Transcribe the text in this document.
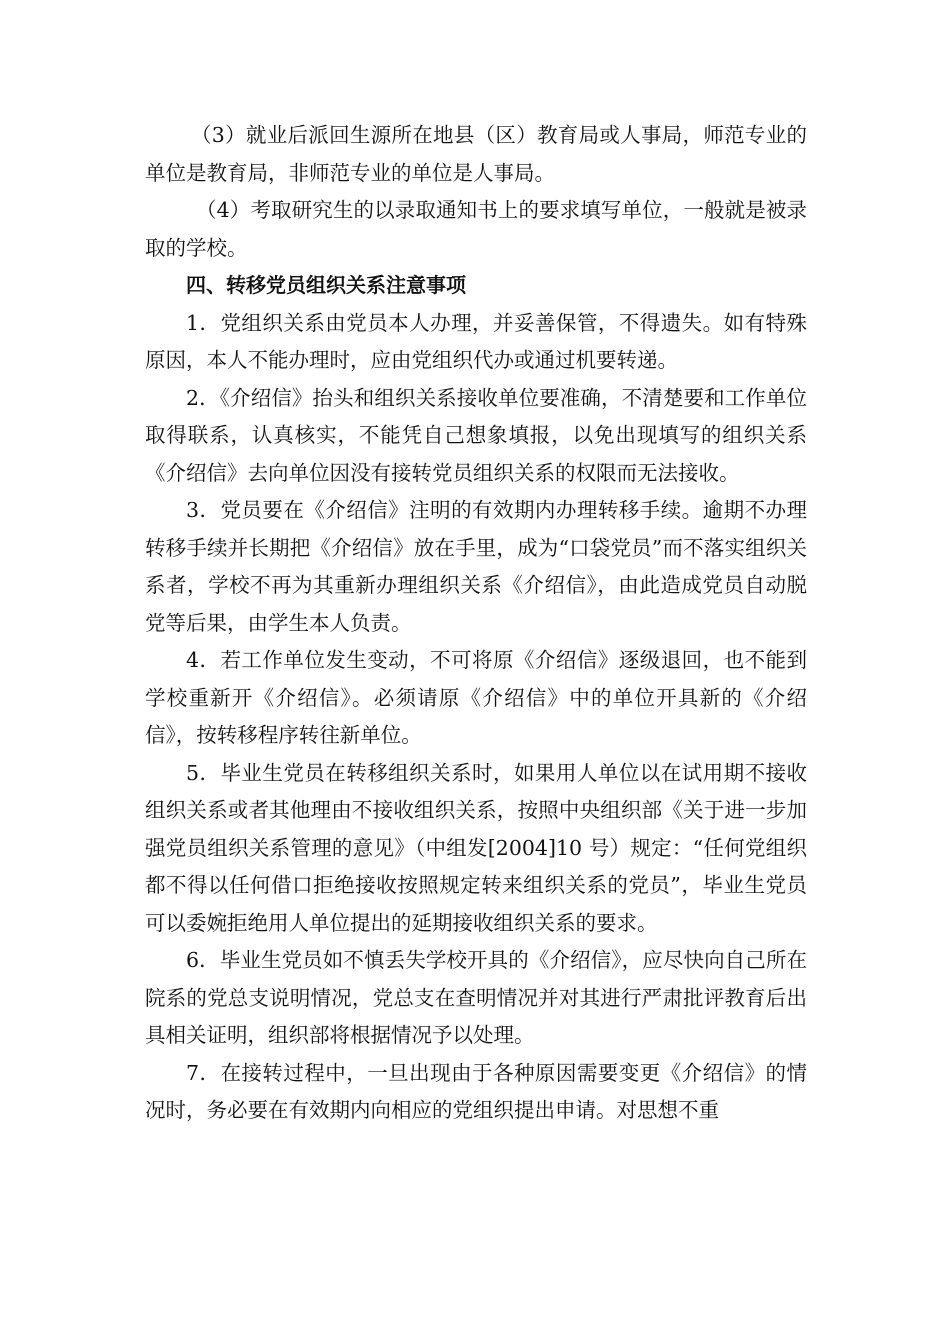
（3）就业后派回生源所在地县（区）教育局或人事局，师范专业的单位是教育局，非师范专业的单位是人事局。

（4）考取研究生的以录取通知书上的要求填写单位，一般就是被录取的学校。

四、转移党员组织关系注意事项

1．党组织关系由党员本人办理，并妥善保管，不得遗失。如有特殊原因，本人不能办理时，应由党组织代办或通过机要转递。

2．《介绍信》抬头和组织关系接收单位要准确，不清楚要和工作单位取得联系，认真核实，不能凭自己想象填报，以免出现填写的组织关系《介绍信》去向单位因没有接转党员组织关系的权限而无法接收。

3．党员要在《介绍信》注明的有效期内办理转移手续。逾期不办理转移手续并长期把《介绍信》放在手里，成为“口袋党员”而不落实组织关系者，学校不再为其重新办理组织关系《介绍信》，由此造成党员自动脱党等后果，由学生本人负责。

4．若工作单位发生变动，不可将原《介绍信》逐级退回，也不能到学校重新开《介绍信》。必须请原《介绍信》中的单位开具新的《介绍信》，按转移程序转往新单位。

5．毕业生党员在转移组织关系时，如果用人单位以在试用期不接收组织关系或者其他理由不接收组织关系，按照中央组织部《关于进一步加强党员组织关系管理的意见》（中组发[2004]10 号）规定：“任何党组织都不得以任何借口拒绝接收按照规定转来组织关系的党员”，毕业生党员可以委婉拒绝用人单位提出的延期接收组织关系的要求。

6．毕业生党员如不慎丢失学校开具的《介绍信》，应尽快向自己所在院系的党总支说明情况，党总支在查明情况并对其进行严肃批评教育后出具相关证明，组织部将根据情况予以处理。

7．在接转过程中，一旦出现由于各种原因需要变更《介绍信》的情况时，务必要在有效期内向相应的党组织提出申请。对思想不重
